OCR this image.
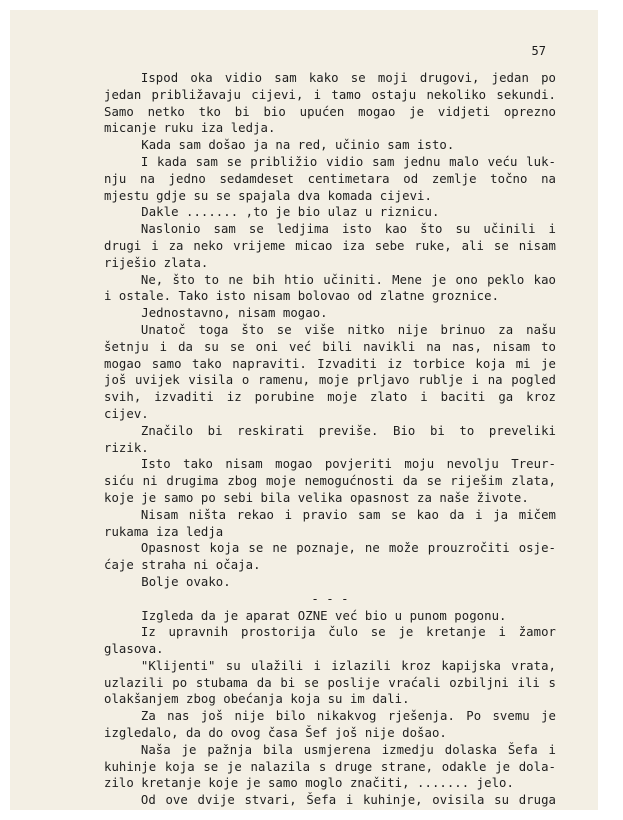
57
Ispod oka vidio sam kako se moji drugovi, jedan po
jedan približavaju cijevi, i tamo ostaju nekoliko sekundi.
Samo netko tko bi bio upućen mogao je vidjeti oprezno
micanje ruku iza ledja.
Kada sam došao ja na red, učinio sam isto.
I kada sam se približio vidio sam jednu malo veću luk-
nju na jedno sedamdeset centimetara od zemlje točno na
mjestu gdje su se spajala dva komada cijevi.
Dakle ....... ,to je bio ulaz u riznicu.
Naslonio sam se ledjima isto kao što su učinili i
drugi i za neko vrijeme micao iza sebe ruke, ali se nisam
riješio zlata.
Ne, što to ne bih htio učiniti. Mene je ono peklo kao
i ostale. Tako isto nisam bolovao od zlatne groznice.
Jednostavno, nisam mogao.
Unatoč toga što se više nitko nije brinuo za našu
šetnju i da su se oni već bili navikli na nas, nisam to
mogao samo tako napraviti. Izvaditi iz torbice koja mi je
još uvijek visila o ramenu, moje prljavo rublje i na pogled
svih, izvaditi iz porubine moje zlato i baciti ga kroz
cijev.
Značilo bi reskirati previše. Bio bi to preveliki
rizik.
Isto tako nisam mogao povjeriti moju nevolju Treur-
siću ni drugima zbog moje nemogućnosti da se riješim zlata,
koje je samo po sebi bila velika opasnost za naše živote.
Nisam ništa rekao i pravio sam se kao da i ja mičem
rukama iza ledja
Opasnost koja se ne poznaje, ne može prouzročiti osje-
ćaje straha ni očaja.
Bolje ovako.
- - -
Izgleda da je aparat OZNE već bio u punom pogonu.
Iz upravnih prostorija čulo se je kretanje i žamor
glasova.
"Klijenti" su ulažili i izlazili kroz kapijska vrata,
uzlazili po stubama da bi se poslije vraćali ozbiljni ili s
olakšanjem zbog obećanja koja su im dali.
Za nas još nije bilo nikakvog rješenja. Po svemu je
izgledalo, da do ovog časa Šef još nije došao.
Naša je pažnja bila usmjerena izmedju dolaska Šefa i
kuhinje koja se je nalazila s druge strane, odakle je dola-
zilo kretanje koje je samo moglo značiti, ....... jelo.
Od ove dvije stvari, Šefa i kuhinje, ovisila su druga
